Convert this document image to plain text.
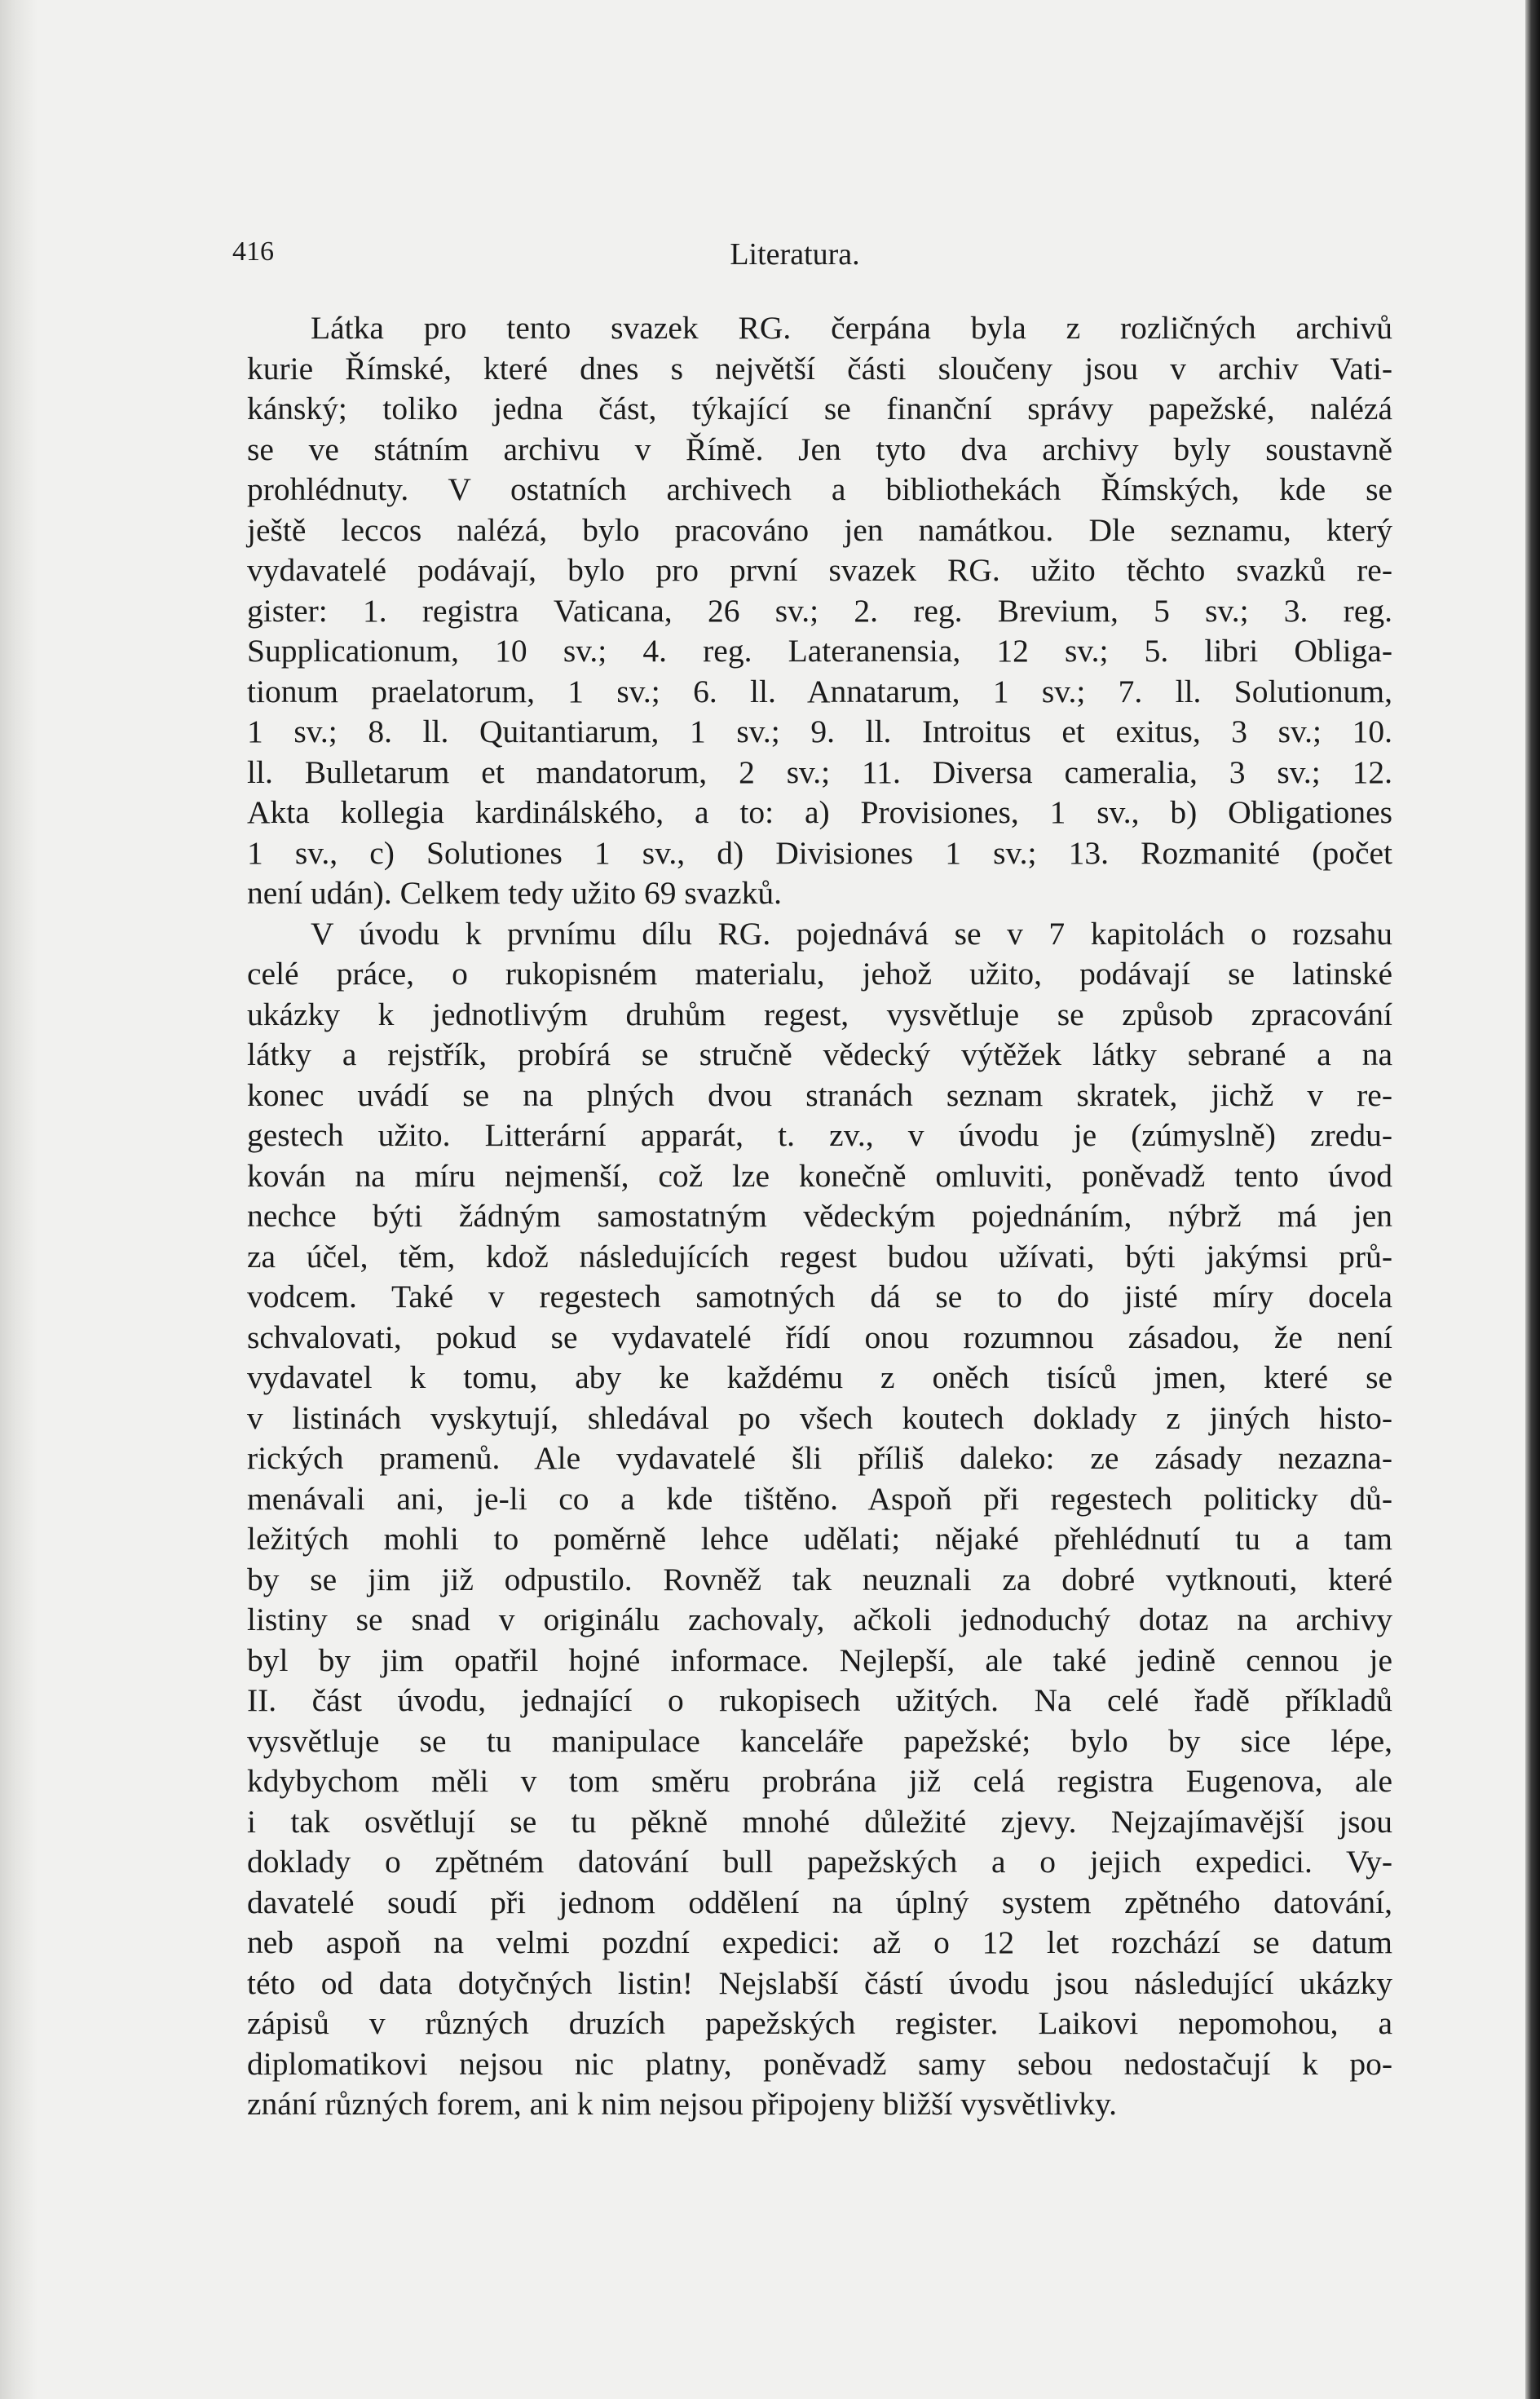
416	Literatura.
Látka pro tento svazek RG. čerpána byla z rozličných archivů
kurie Římské, které dnes s největší části sloučeny jsou v archiv Vati-
kánský; toliko jedna část, týkající se finanční správy papežské, nalézá
se ve státním archivu v Římě. Jen tyto dva archivy byly soustavně
prohlédnuty. V ostatních archivech a bibliothekách Římských, kde se
ještě leccos nalézá, bylo pracováno jen namátkou. Dle seznamu, který
vydavatelé podávají, bylo pro první svazek RG. užito těchto svazků re-
gister: 1. registra Vaticana, 26 sv.; 2. reg. Brevium, 5 sv.; 3. reg.
Supplicationum, 10 sv.; 4. reg. Lateranensia, 12 sv.; 5. libri Obliga-
tionum praelatorum, 1 sv.; 6. ll. Annatarum, 1 sv.; 7. ll. Solutionum,
1 sv.; 8. ll. Quitantiarum, 1 sv.; 9. ll. Introitus et exitus, 3 sv.; 10.
ll. Bulletarum et mandatorum, 2 sv.; 11. Diversa cameralia, 3 sv.; 12.
Akta kollegia kardinálského, a to: a) Provisiones, 1 sv., b) Obligationes
1 sv., c) Solutiones 1 sv., d) Divisiones 1 sv.; 13. Rozmanité (počet
není udán). Celkem tedy užito 69 svazků.
V úvodu k prvnímu dílu RG. pojednává se v 7 kapitolách o rozsahu
celé práce, o rukopisném materialu, jehož užito, podávají se latinské
ukázky k jednotlivým druhům regest, vysvětluje se způsob zpracování
látky a rejstřík, probírá se stručně vědecký výtěžek látky sebrané a na
konec uvádí se na plných dvou stranách seznam skratek, jichž v re-
gestech užito. Litterární apparát, t. zv., v úvodu je (zúmyslně) zredu-
kován na míru nejmenší, což lze konečně omluviti, poněvadž tento úvod
nechce býti žádným samostatným vědeckým pojednáním, nýbrž má jen
za účel, těm, kdož následujících regest budou užívati, býti jakýmsi prů-
vodcem. Také v regestech samotných dá se to do jisté míry docela
schvalovati, pokud se vydavatelé řídí onou rozumnou zásadou, že není
vydavatel k tomu, aby ke každému z oněch tisíců jmen, které se
v listinách vyskytují, shledával po všech koutech doklady z jiných histo-
rických pramenů. Ale vydavatelé šli příliš daleko: ze zásady nezazna-
menávali ani, je-li co a kde tištěno. Aspoň při regestech politicky dů-
ležitých mohli to poměrně lehce udělati; nějaké přehlédnutí tu a tam
by se jim již odpustilo. Rovněž tak neuznali za dobré vytknouti, které
listiny se snad v originálu zachovaly, ačkoli jednoduchý dotaz na archivy
byl by jim opatřil hojné informace. Nejlepší, ale také jedině cennou je
II. část úvodu, jednající o rukopisech užitých. Na celé řadě příkladů
vysvětluje se tu manipulace kanceláře papežské; bylo by sice lépe,
kdybychom měli v tom směru probrána již celá registra Eugenova, ale
i tak osvětlují se tu pěkně mnohé důležité zjevy. Nejzajímavější jsou
doklady o zpětném datování bull papežských a o jejich expedici. Vy-
davatelé soudí při jednom oddělení na úplný system zpětného datování,
neb aspoň na velmi pozdní expedici: až o 12 let rozchází se datum
této od data dotyčných listin! Nejslabší částí úvodu jsou následující ukázky
zápisů v různých druzích papežských register. Laikovi nepomohou, a
diplomatikovi nejsou nic platny, poněvadž samy sebou nedostačují k po-
znání různých forem, ani k nim nejsou připojeny bližší vysvětlivky.
